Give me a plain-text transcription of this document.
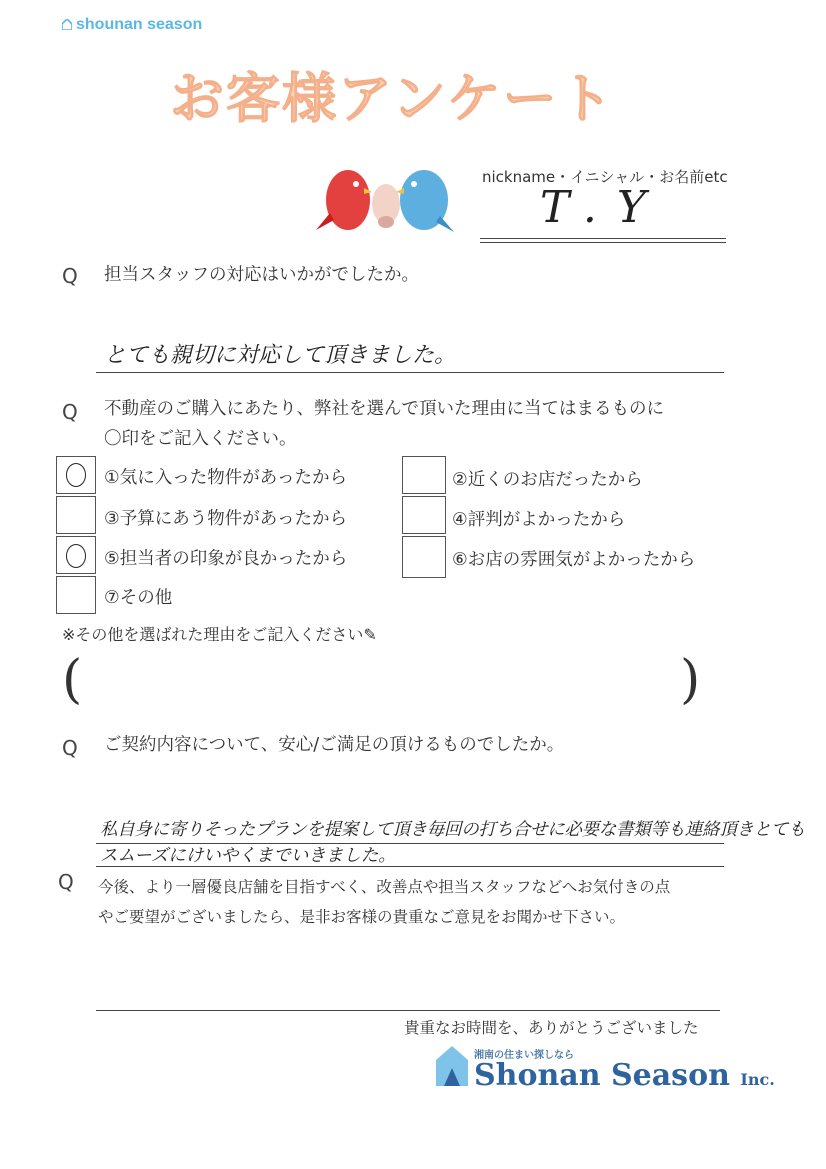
shounan season
お客様アンケート
nickname・イニシャル・お名前etc
T.Y
Q 担当スタッフの対応はいかがでしたか。
とても親切に対応して頂きました。
Q 不動産のご購入にあたり、弊社を選んで頂いた理由に当てはまるものに
〇印をご記入ください。
①気に入った物件があったから
③予算にあう物件があったから
⑤担当者の印象が良かったから
⑦その他
②近くのお店だったから
④評判がよかったから
⑥お店の雰囲気がよかったから
※その他を選ばれた理由をご記入ください✎
(	)
Q ご契約内容について、安心/ご満足の頂けるものでしたか。
私自身に寄りそったプランを提案して頂き毎回の打ち合せに必要な書類等も連絡頂きとても
スムーズにけいやくまでいきました。
Q 今後、より一層優良店舗を目指すべく、改善点や担当スタッフなどへお気付きの点
やご要望がございましたら、是非お客様の貴重なご意見をお聞かせ下さい。
貴重なお時間を、ありがとうございました
湘南の住まい探しなら
Shonan Season Inc.
